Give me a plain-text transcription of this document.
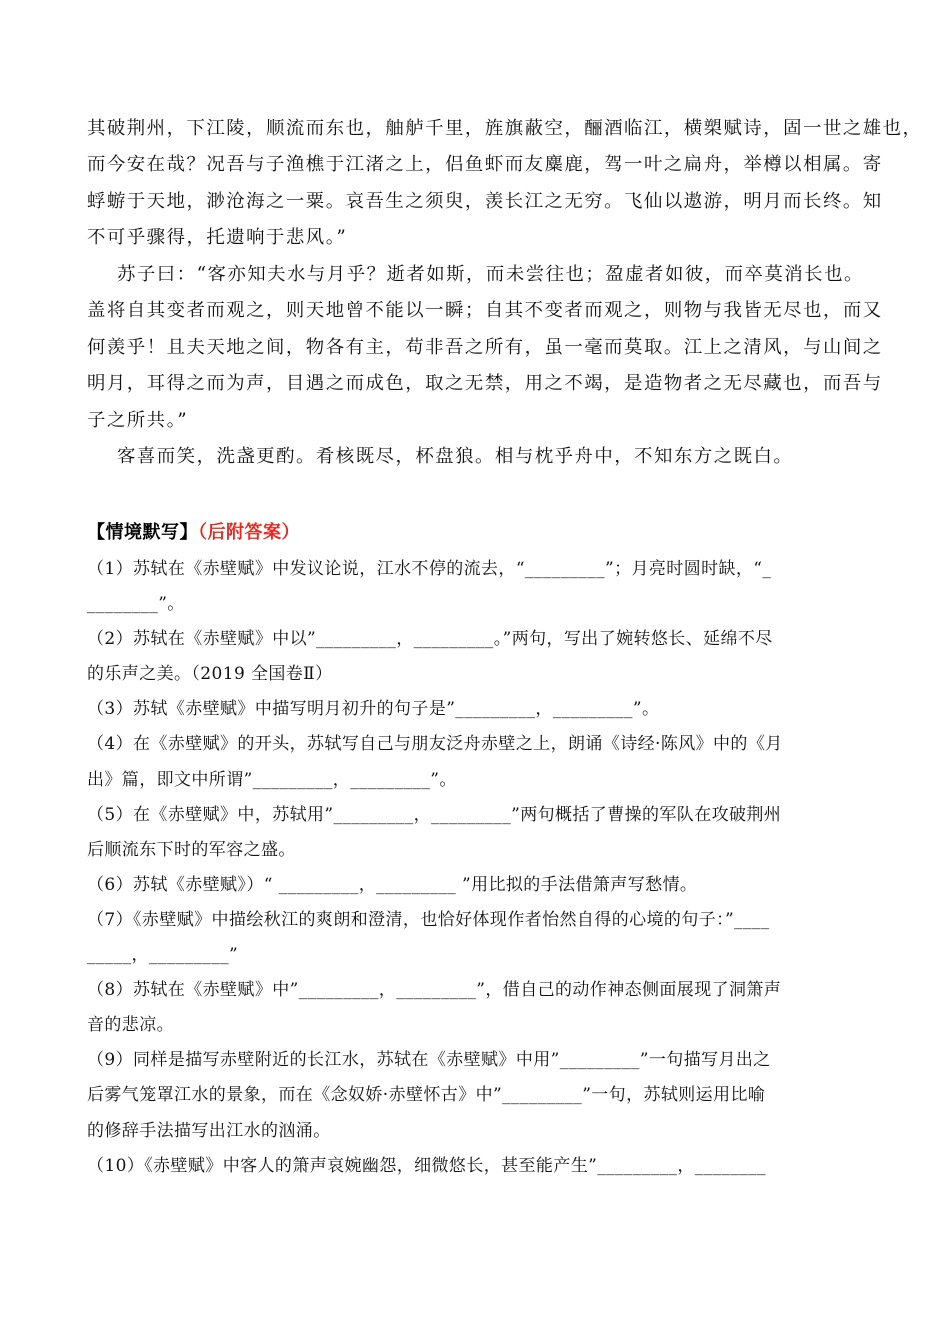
其破荆州，下江陵，顺流而东也，舳舻千里，旌旗蔽空，酾酒临江，横槊赋诗，固一世之雄也，
而今安在哉？况吾与子渔樵于江渚之上，侣鱼虾而友麋鹿，驾一叶之扁舟，举樽以相属。寄
蜉蝣于天地，渺沧海之一粟。哀吾生之须臾，羡长江之无穷。飞仙以遨游，明月而长终。知
不可乎骤得，托遗响于悲风。”
苏子曰：“客亦知夫水与月乎？逝者如斯，而未尝往也；盈虚者如彼，而卒莫消长也。
盖将自其变者而观之，则天地曾不能以一瞬；自其不变者而观之，则物与我皆无尽也，而又
何羡乎！且夫天地之间，物各有主，苟非吾之所有，虽一毫而莫取。江上之清风，与山间之
明月，耳得之而为声，目遇之而成色，取之无禁，用之不竭，是造物者之无尽藏也，而吾与
子之所共。”
客喜而笑，洗盏更酌。肴核既尽，杯盘狼。相与枕乎舟中，不知东方之既白。
【情境默写】（后附答案）
（1）苏轼在《赤壁赋》中发议论说，江水不停的流去，“_________”；月亮时圆时缺，“_
________”。
（2）苏轼在《赤壁赋》中以”_________，_________。”两句，写出了婉转悠长、延绵不尽
的乐声之美。（2019 全国卷Ⅱ）
（3）苏轼《赤壁赋》中描写明月初升的句子是”_________，_________”。
（4）在《赤壁赋》的开头，苏轼写自己与朋友泛舟赤壁之上，朗诵《诗经·陈风》中的《月
出》篇，即文中所谓”_________，_________”。
（5）在《赤壁赋》中，苏轼用”_________，_________”两句概括了曹操的军队在攻破荆州
后顺流东下时的军容之盛。
（6）苏轼《赤壁赋》）“ _________，_________ ”用比拟的手法借箫声写愁情。
（7）《赤壁赋》中描绘秋江的爽朗和澄清，也恰好体现作者怡然自得的心境的句子：”____
_____，_________”
（8）苏轼在《赤壁赋》中”_________，_________”，借自己的动作神态侧面展现了洞箫声
音的悲凉。
（9）同样是描写赤壁附近的长江水，苏轼在《赤壁赋》中用”_________”一句描写月出之
后雾气笼罩江水的景象，而在《念奴娇·赤壁怀古》中”_________”一句，苏轼则运用比喻
的修辞手法描写出江水的汹涌。
（10）《赤壁赋》中客人的箫声哀婉幽怨，细微悠长，甚至能产生”_________，________
